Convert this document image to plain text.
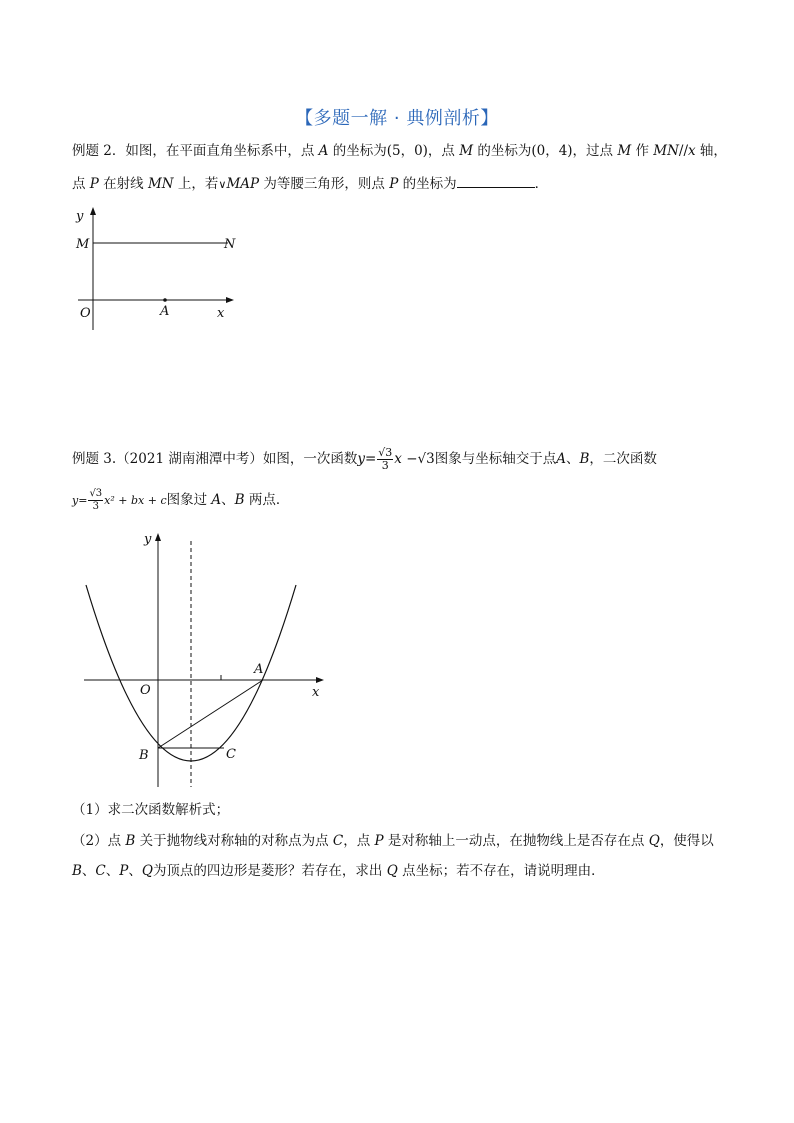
【多题一解 · 典例剖析】
例题 2．如图，在平面直角坐标系中，点 A 的坐标为(5，0)，点 M 的坐标为(0，4)，过点 M 作 MN//x 轴，
点 P 在射线 MN 上，若∨MAP 为等腰三角形，则点 P 的坐标为	．
y
M	N
O	A	x
例题 3.（2021 湖南湘潭中考）如图，一次函数$y= \frac{√3}{3}$ x −√3图象与坐标轴交于点A、B，二次函数
$y= \frac{√3}{3} x^2$ + bx + c图象过 A、B 两点．
y
O
A
x
B	C
（1）求二次函数解析式；
（2）点 B 关于抛物线对称轴的对称点为点 C，点 P 是对称轴上一动点，在抛物线上是否存在点 Q，使得以
B、C、P、Q为顶点的四边形是菱形？若存在，求出 Q 点坐标；若不存在，请说明理由．
